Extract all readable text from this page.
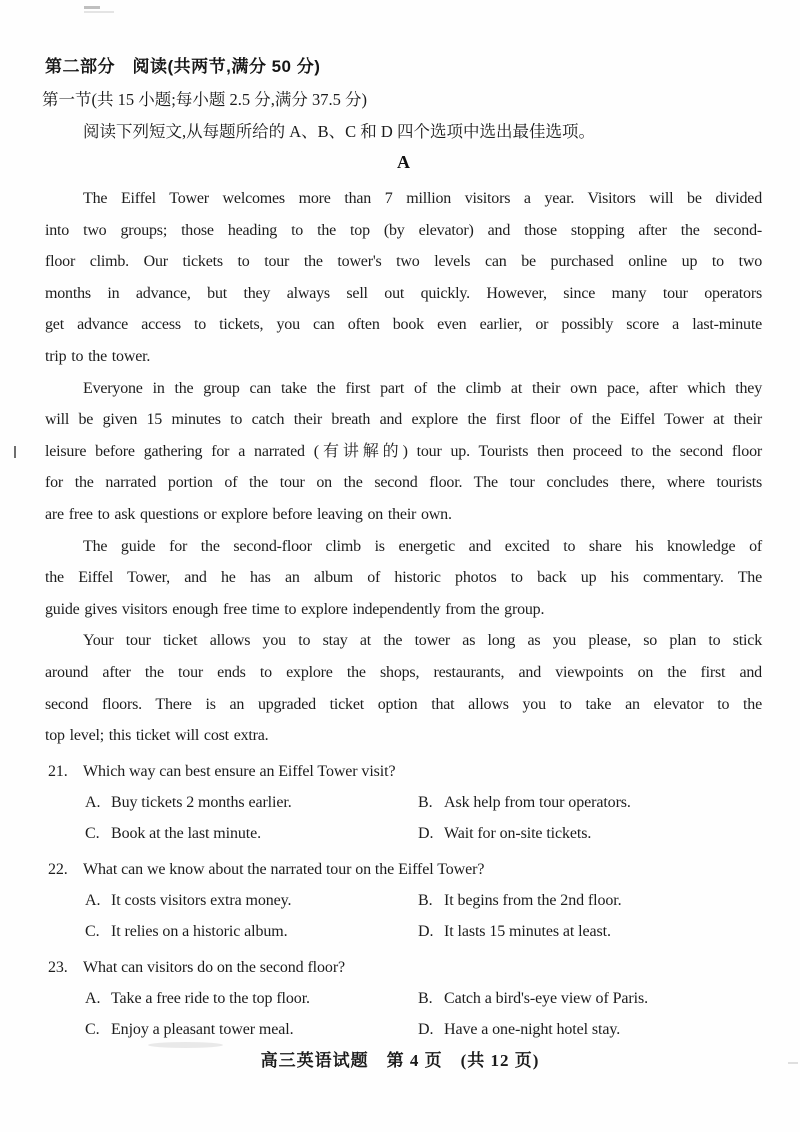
第二部分　阅读(共两节,满分 50 分)
第一节(共 15 小题;每小题 2.5 分,满分 37.5 分)
阅读下列短文,从每题所给的 A、B、C 和 D 四个选项中选出最佳选项。
A
The Eiffel Tower welcomes more than 7 million visitors a year. Visitors will be divided
into two groups; those heading to the top (by elevator) and those stopping after the second-
floor climb. Our tickets to tour the tower's two levels can be purchased online up to two
months in advance, but they always sell out quickly. However, since many tour operators
get advance access to tickets, you can often book even earlier, or possibly score a last-minute
trip to the tower.
Everyone in the group can take the first part of the climb at their own pace, after which they
will be given 15 minutes to catch their breath and explore the first floor of the Eiffel Tower at their
leisure before gathering for a narrated (有讲解的) tour up. Tourists then proceed to the second floor
for the narrated portion of the tour on the second floor. The tour concludes there, where tourists
are free to ask questions or explore before leaving on their own.
The guide for the second-floor climb is energetic and excited to share his knowledge of
the Eiffel Tower, and he has an album of historic photos to back up his commentary. The
guide gives visitors enough free time to explore independently from the group.
Your tour ticket allows you to stay at the tower as long as you please, so plan to stick
around after the tour ends to explore the shops, restaurants, and viewpoints on the first and
second floors. There is an upgraded ticket option that allows you to take an elevator to the
top level; this ticket will cost extra.
21. Which way can best ensure an Eiffel Tower visit?
A. Buy tickets 2 months earlier.	B. Ask help from tour operators.
C. Book at the last minute.	D. Wait for on-site tickets.
22. What can we know about the narrated tour on the Eiffel Tower?
A. It costs visitors extra money.	B. It begins from the 2nd floor.
C. It relies on a historic album.	D. It lasts 15 minutes at least.
23. What can visitors do on the second floor?
A. Take a free ride to the top floor.	B. Catch a bird's-eye view of Paris.
C. Enjoy a pleasant tower meal.	D. Have a one-night hotel stay.
高三英语试题　第 4 页　(共 12 页)
